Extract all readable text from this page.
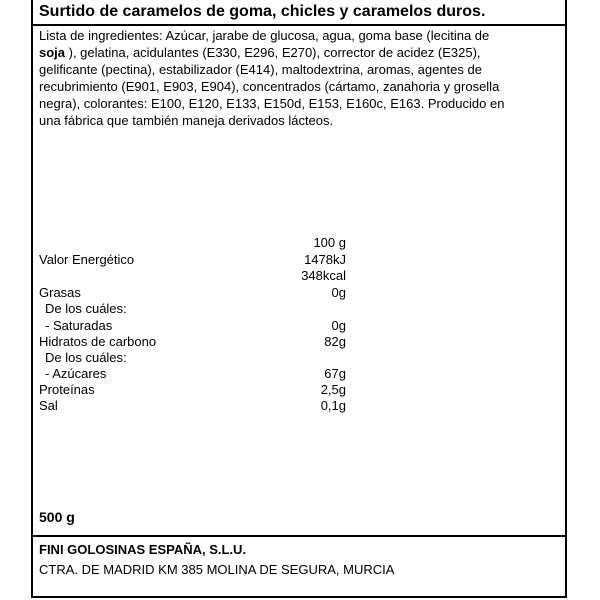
Surtido de caramelos de goma, chicles y caramelos duros.

Lista de ingredientes: Azúcar, jarabe de glucosa, agua, goma base (lecitina de

soja ), gelatina, acidulantes (E330, E296, E270), corrector de acidez (E325),

gelificante (pectina), estabilizador (E414), maltodextrina, aromas, agentes de

recubrimiento (E901, E903, E904), concentrados (cártamo, zanahoria y grosella

negra), colorantes: E100, E120, E133, E150d, E153, E160c, E163. Producido en

una fábrica que también maneja derivados lácteos.

100 g
Valor Energético	1478kJ
348kcal
Grasas	0g
De los cuáles:
- Saturadas	0g
Hidratos de carbono	82g
De los cuáles:
- Azúcares	67g
Proteínas	2,5g
Sal	0,1g
500 g
FINI GOLOSINAS ESPAÑA, S.L.U.
CTRA. DE MADRID KM 385 MOLINA DE SEGURA, MURCIA
